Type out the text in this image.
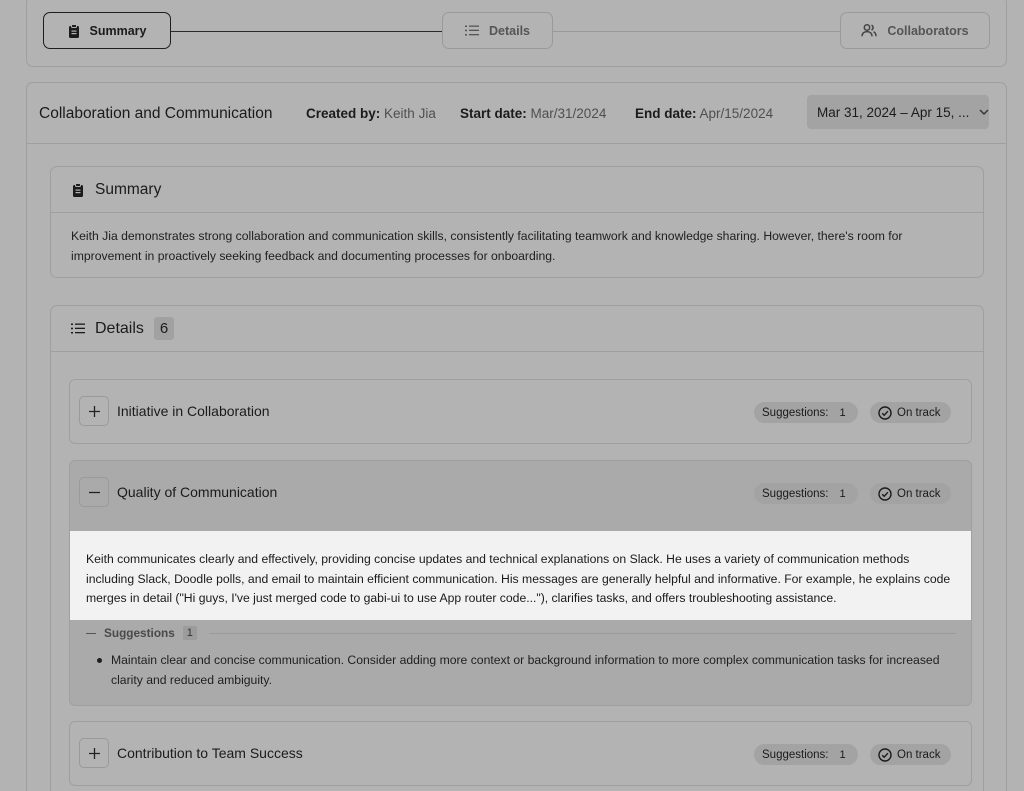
Summary	Details	Collaborators
Collaboration and Communication Created by: Keith Jia Start date: Mar/31/2024 End date: Apr/15/2024	Mar 31, 2024 – Apr 15, ...
Summary
Keith Jia demonstrates strong collaboration and communication skills, consistently facilitating teamwork and knowledge sharing. However, there's room for improvement in proactively seeking feedback and documenting processes for onboarding.
Details	6
Initiative in Collaboration	Suggestions: 1	On track
Quality of Communication	Suggestions: 1	On track
Keith communicates clearly and effectively, providing concise updates and technical explanations on Slack. He uses a variety of communication methods including Slack, Doodle polls, and email to maintain efficient communication. His messages are generally helpful and informative. For example, he explains code merges in detail ("Hi guys, I've just merged code to gabi-ui to use App router code..."), clarifies tasks, and offers troubleshooting assistance.
Suggestions	1
Maintain clear and concise communication. Consider adding more context or background information to more complex communication tasks for increased clarity and reduced ambiguity.
Contribution to Team Success	Suggestions: 1	On track
